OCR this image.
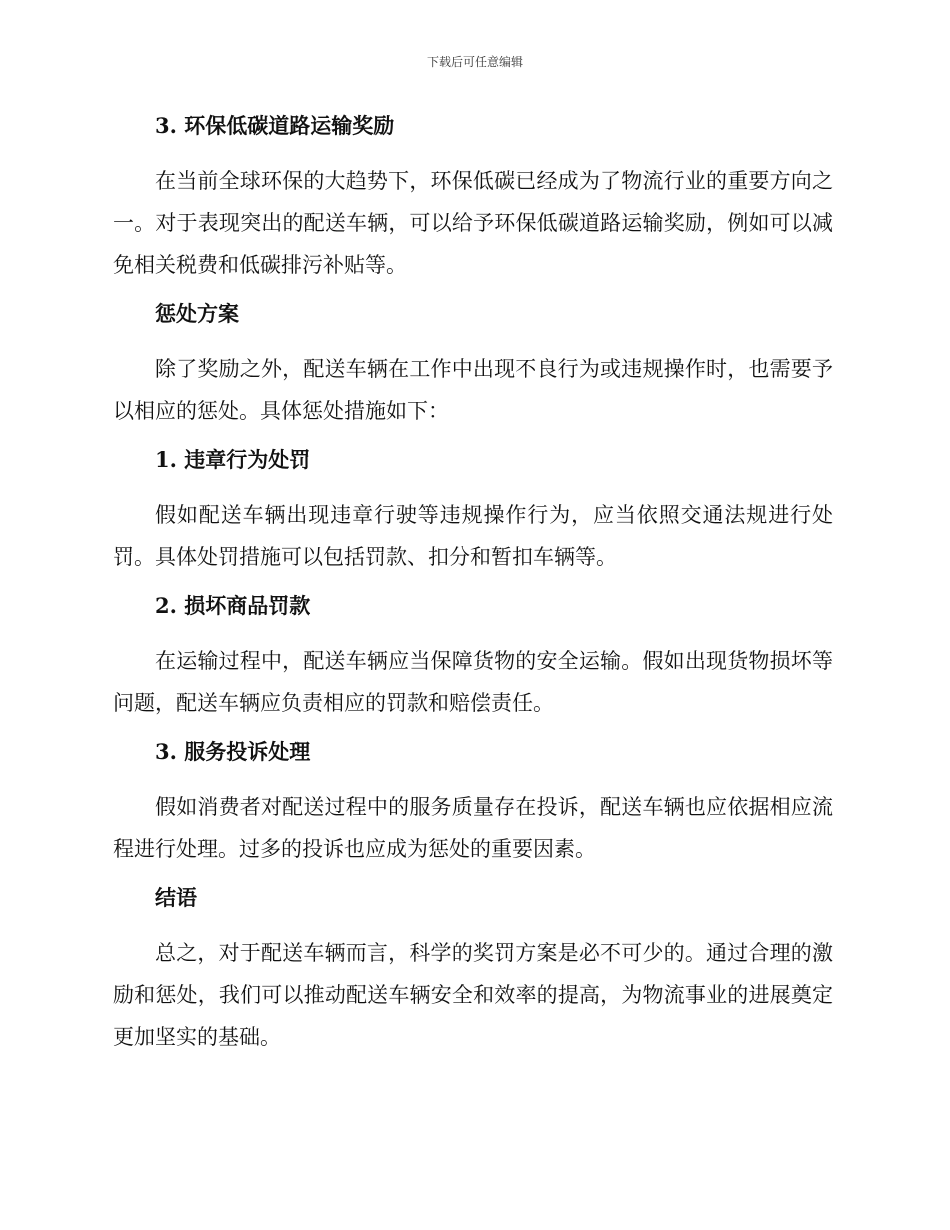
下载后可任意编辑
3. 环保低碳道路运输奖励

在当前全球环保的大趋势下，环保低碳已经成为了物流行业的重要方向之一。对于表现突出的配送车辆，可以给予环保低碳道路运输奖励，例如可以减免相关税费和低碳排污补贴等。

惩处方案

除了奖励之外，配送车辆在工作中出现不良行为或违规操作时，也需要予以相应的惩处。具体惩处措施如下：

1. 违章行为处罚

假如配送车辆出现违章行驶等违规操作行为，应当依照交通法规进行处罚。具体处罚措施可以包括罚款、扣分和暂扣车辆等。

2. 损坏商品罚款

在运输过程中，配送车辆应当保障货物的安全运输。假如出现货物损坏等问题，配送车辆应负责相应的罚款和赔偿责任。

3. 服务投诉处理

假如消费者对配送过程中的服务质量存在投诉，配送车辆也应依据相应流程进行处理。过多的投诉也应成为惩处的重要因素。

结语

总之，对于配送车辆而言，科学的奖罚方案是必不可少的。通过合理的激励和惩处，我们可以推动配送车辆安全和效率的提高，为物流事业的进展奠定更加坚实的基础。
